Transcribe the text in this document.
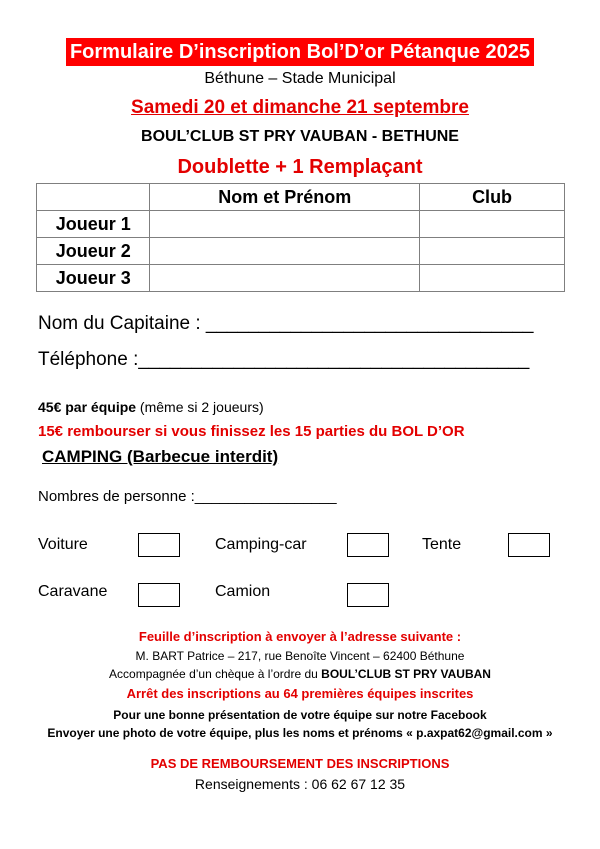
Formulaire D’inscription Bol’D’or Pétanque 2025
Béthune – Stade Municipal
Samedi 20 et dimanche 21 septembre
BOUL’CLUB ST PRY VAUBAN - BETHUNE
Doublette + 1 Remplaçant
	Nom et Prénom	Club
Joueur 1		
Joueur 2		
Joueur 3		
Nom du Capitaine : _______________________________
Téléphone :_____________________________________
45€ par équipe (même si 2 joueurs)
15€ rembourser si vous finissez les 15 parties du BOL D’OR
CAMPING (Barbecue interdit)
Nombres de personne :_________________
Voiture	Camping-car	Tente
Caravane	Camion
Feuille d’inscription à envoyer à l’adresse suivante :
M. BART Patrice – 217, rue Benoîte Vincent – 62400 Béthune
Accompagnée d’un chèque à l’ordre du BOUL’CLUB ST PRY VAUBAN
Arrêt des inscriptions au 64 premières équipes inscrites
Pour une bonne présentation de votre équipe sur notre Facebook
Envoyer une photo de votre équipe, plus les noms et prénoms « p.axpat62@gmail.com »
PAS DE REMBOURSEMENT DES INSCRIPTIONS
Renseignements : 06 62 67 12 35
